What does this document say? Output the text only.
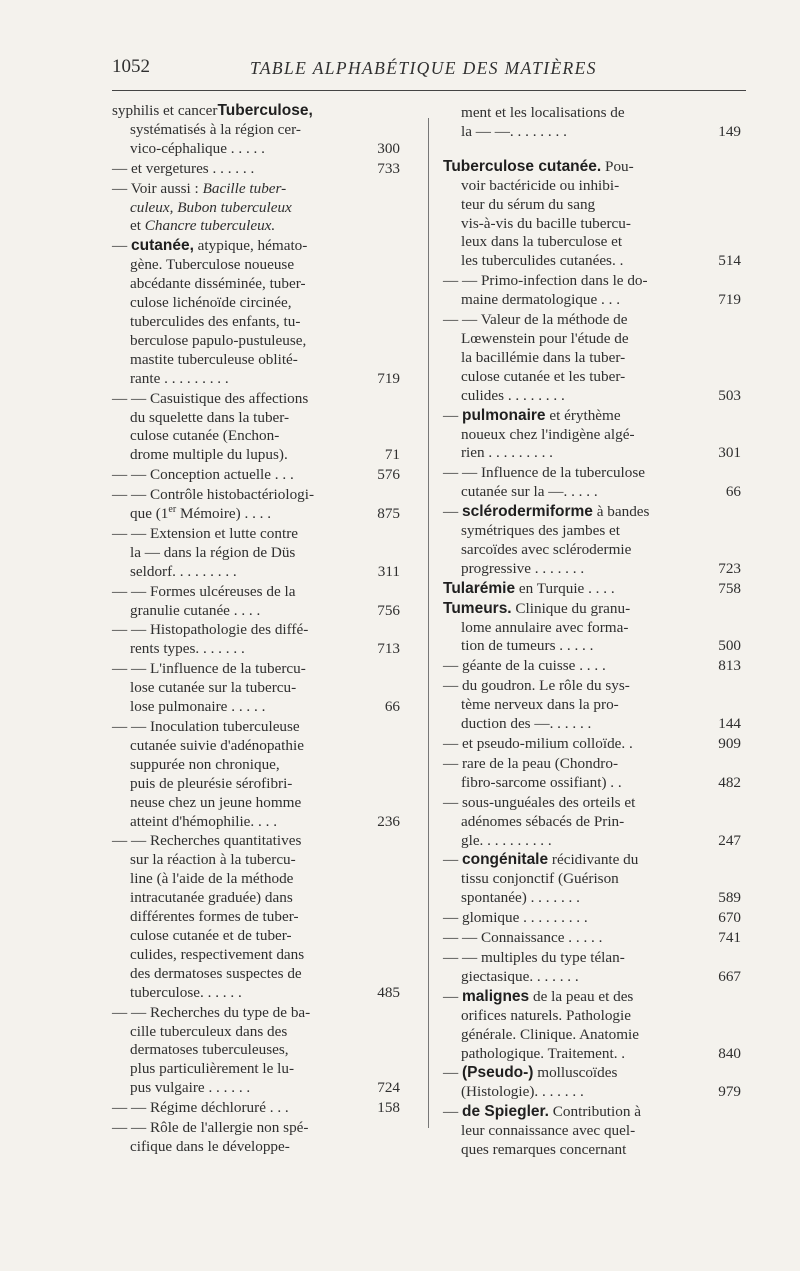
1052	TABLE ALPHABÉTIQUE DES MATIÈRES
syphilis et cancerTuberculose,
systématisés à la région cer-
vico-céphalique . . . . .	300
— et vergetures . . . . . .	733
— Voir aussi : Bacille tuber-
culeux, Bubon tuberculeux
et Chancre tuberculeux.
— cutanée, atypique, hémato-
gène. Tuberculose noueuse
abcédante disséminée, tuber-
culose lichénoïde circinée,
tuberculides des enfants, tu-
berculose papulo-pustuleuse,
mastite tuberculeuse oblité-
rante . . . . . . . . .	719
— — Casuistique des affections
du squelette dans la tuber-
culose cutanée (Enchon-
drome multiple du lupus).	71
— — Conception actuelle . . .	576
— — Contrôle histobactériologi-
que (1er Mémoire) . . . .	875
— — Extension et lutte contre
la — dans la région de Düs
seldorf. . . . . . . . .	311
— — Formes ulcéreuses de la
granulie cutanée . . . .	756
— — Histopathologie des diffé-
rents types. . . . . . .	713
— — L'influence de la tubercu-
lose cutanée sur la tubercu-
lose pulmonaire . . . . .	66
— — Inoculation tuberculeuse
cutanée suivie d'adénopathie
suppurée non chronique,
puis de pleurésie sérofibri-
neuse chez un jeune homme
atteint d'hémophilie. . . .	236
— — Recherches quantitatives
sur la réaction à la tubercu-
line (à l'aide de la méthode
intracutanée graduée) dans
différentes formes de tuber-
culose cutanée et de tuber-
culides, respectivement dans
des dermatoses suspectes de
tuberculose. . . . . .	485
— — Recherches du type de ba-
cille tuberculeux dans des
dermatoses tuberculeuses,
plus particulièrement le lu-
pus vulgaire . . . . . .	724
— — Régime déchloruré . . .	158
— — Rôle de l'allergie non spé-
cifique dans le développe-
ment et les localisations de
la — —. . . . . . . .	149
Tuberculose cutanée. Pou-
voir bactéricide ou inhibi-
teur du sérum du sang
vis-à-vis du bacille tubercu-
leux dans la tuberculose et
les tuberculides cutanées. .	514
— — Primo-infection dans le do-
maine dermatologique . . .	719
— — Valeur de la méthode de
Lœwenstein pour l'étude de
la bacillémie dans la tuber-
culose cutanée et les tuber-
culides . . . . . . . .	503
— pulmonaire et érythème
noueux chez l'indigène algé-
rien . . . . . . . . .	301
— — Influence de la tuberculose
cutanée sur la —. . . . .	66
— sclérodermiforme à bandes
symétriques des jambes et
sarcoïdes avec sclérodermie
progressive . . . . . . .	723
Tularémie en Turquie . . . .	758
Tumeurs. Clinique du granu-
lome annulaire avec forma-
tion de tumeurs . . . . .	500
— géante de la cuisse . . . .	813
— du goudron. Le rôle du sys-
tème nerveux dans la pro-
duction des —. . . . . .	144
— et pseudo-milium colloïde. .	909
— rare de la peau (Chondro-
fibro-sarcome ossifiant) . .	482
— sous-unguéales des orteils et
adénomes sébacés de Prin-
gle. . . . . . . . . .	247
— congénitale récidivante du
tissu conjonctif (Guérison
spontanée) . . . . . . .	589
— glomique . . . . . . . . .	670
— — Connaissance . . . . .	741
— — multiples du type télan-
giectasique. . . . . . .	667
— malignes de la peau et des
orifices naturels. Pathologie
générale. Clinique. Anatomie
pathologique. Traitement. .	840
— (Pseudo-) molluscoïdes
(Histologie). . . . . . .	979
— de Spiegler. Contribution à
leur connaissance avec quel-
ques remarques concernant
